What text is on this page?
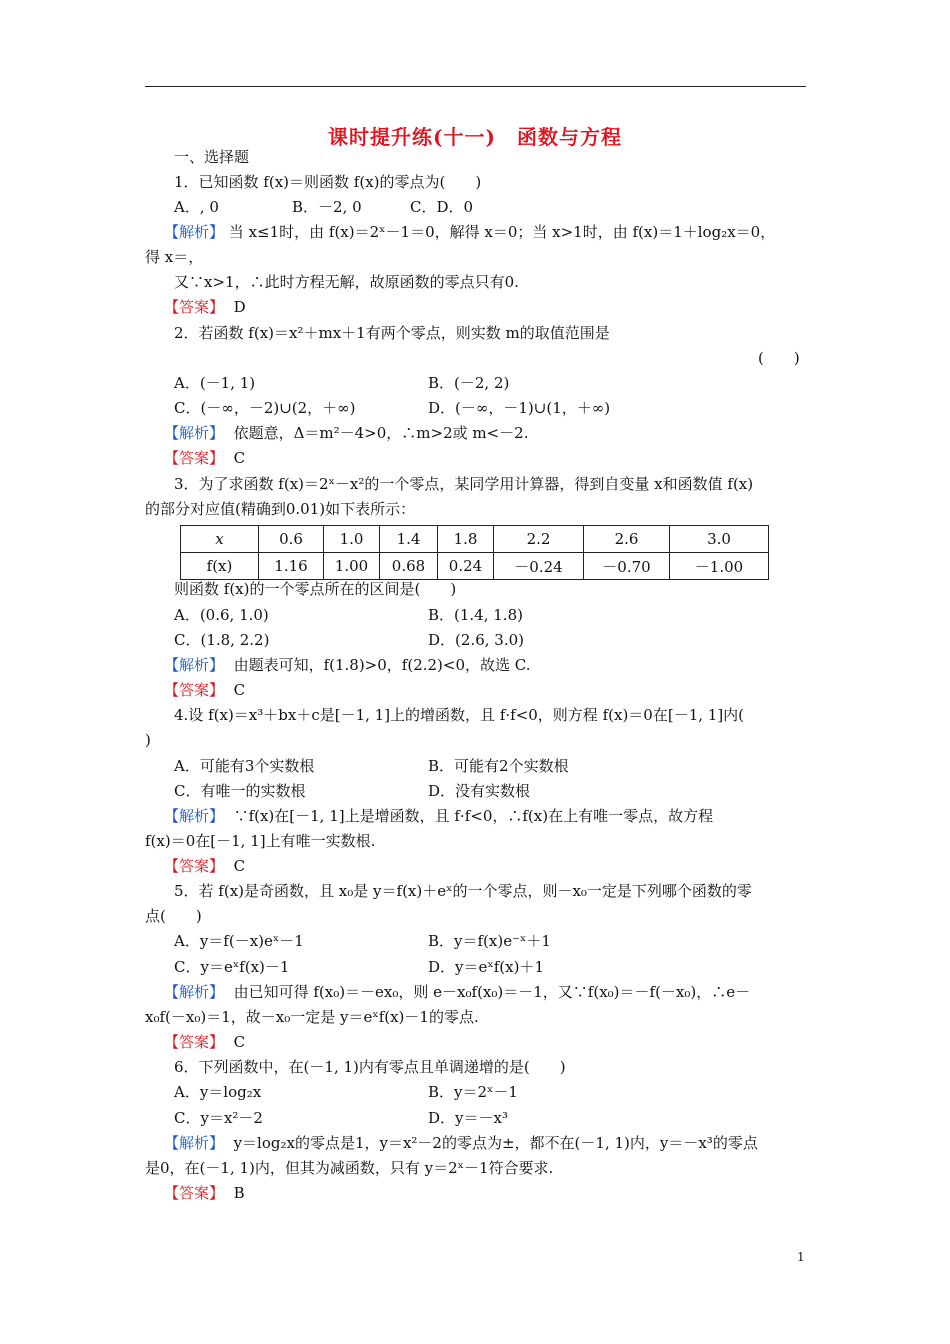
课时提升练(十一)　函数与方程
一、选择题
1．已知函数 f(x)＝则函数 f(x)的零点为(　　)
A．, 0	B．－2, 0	C．D．0
【解析】 当 x≤1时，由 f(x)＝2ˣ－1＝0，解得 x＝0；当 x>1时，由 f(x)＝1＋log₂x＝0，
得 x＝，
又∵x>1，∴此时方程无解，故原函数的零点只有0.
【答案】 D
2．若函数 f(x)＝x²＋mx＋1有两个零点，则实数 m的取值范围是
(　　)
A．(－1, 1)	B．(－2, 2)
C．(－∞，－2)∪(2，＋∞)	D．(－∞，－1)∪(1，＋∞)
【解析】 依题意，Δ＝m²－4>0，∴m>2或 m<－2.
【答案】 C
3．为了求函数 f(x)＝2ˣ－x²的一个零点，某同学用计算器，得到自变量 x和函数值 f(x)
的部分对应值(精确到0.01)如下表所示：
x	0.6	1.0	1.4	1.8	2.2	2.6	3.0
f(x)	1.16	1.00	0.68	0.24	－0.24	－0.70	－1.00
则函数 f(x)的一个零点所在的区间是(　　)
A．(0.6, 1.0)	B．(1.4, 1.8)
C．(1.8, 2.2)	D．(2.6, 3.0)
【解析】 由题表可知，f(1.8)>0，f(2.2)<0，故选 C.
【答案】 C
4.设 f(x)＝x³＋bx＋c是[－1, 1]上的增函数，且 f·f<0，则方程 f(x)＝0在[－1, 1]内(
)
A．可能有3个实数根	B．可能有2个实数根
C．有唯一的实数根	D．没有实数根
【解析】 ∵f(x)在[－1, 1]上是增函数，且 f·f<0，∴f(x)在上有唯一零点，故方程
f(x)＝0在[－1, 1]上有唯一实数根.
【答案】 C
5．若 f(x)是奇函数，且 x₀是 y＝f(x)＋eˣ的一个零点，则－x₀一定是下列哪个函数的零
点(　　)
A．y＝f(－x)eˣ－1	B．y＝f(x)e⁻ˣ＋1
C．y＝eˣf(x)－1	D．y＝eˣf(x)＋1
【解析】 由已知可得 f(x₀)＝－ex₀，则 e－x₀f(x₀)＝－1，又∵f(x₀)＝－f(－x₀)，∴e－
x₀f(－x₀)＝1，故－x₀一定是 y＝eˣf(x)－1的零点.
【答案】 C
6．下列函数中，在(－1, 1)内有零点且单调递增的是(　　)
A．y＝log₂x	B．y＝2ˣ－1
C．y＝x²－2	D．y＝－x³
【解析】 y＝log₂x的零点是1，y＝x²－2的零点为±，都不在(－1, 1)内，y＝－x³的零点
是0，在(－1, 1)内，但其为减函数，只有 y＝2ˣ－1符合要求.
【答案】 B
1
